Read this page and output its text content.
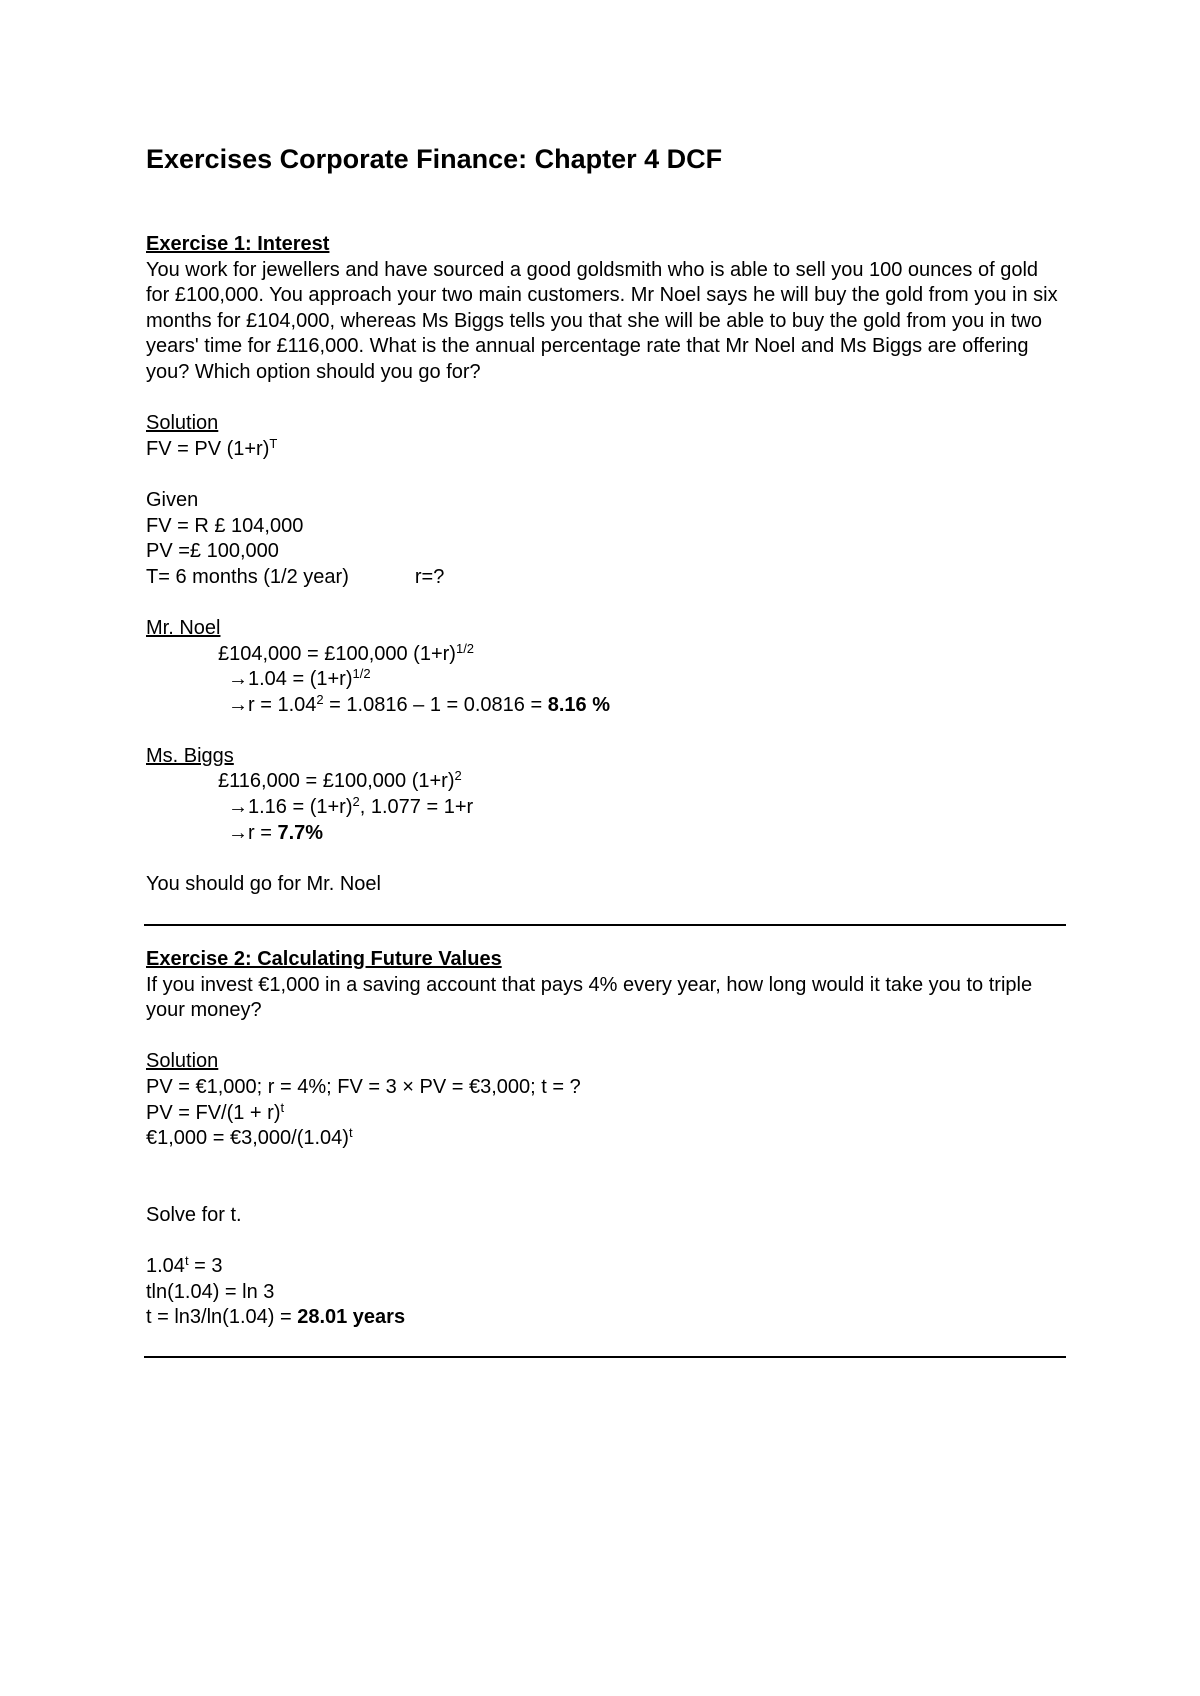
Exercises Corporate Finance: Chapter 4 DCF
Exercise 1: Interest
You work for jewellers and have sourced a good goldsmith who is able to sell you 100 ounces of gold for £100,000. You approach your two main customers. Mr Noel says he will buy the gold from you in six months for £104,000, whereas Ms Biggs tells you that she will be able to buy the gold from you in two years' time for £116,000. What is the annual percentage rate that Mr Noel and Ms Biggs are offering you? Which option should you go for?
Solution
FV = PV $(1+r)^T$
Given
FV = R £ 104,000
PV =£ 100,000
T= 6 months (1/2 year)	r=?
Mr. Noel
£104,000 = £100,000 $(1+r)^{1/2}$
$\to 1.04 = (1+r)^{1/2}$
$\to r = 1.04^2 = 1.0816 - 1 = 0.0816 = 8.16$ %
Ms. Biggs
£116,000 = £100,000 $(1+r)^2$
$\to 1.16 = (1+r)^2$, 1.077 = 1+r
→r = 7.7%
You should go for Mr. Noel
Exercise 2: Calculating Future Values
If you invest €1,000 in a saving account that pays 4% every year, how long would it take you to triple your money?
Solution
PV = €1,000; r = 4%; FV = 3 × PV = €3,000; t = ?
PV = $FV/(1 + r)^t$
€1,000 = $€3,000/(1.04)^t$
Solve for t.
$1.04^t = 3$
tln(1.04) = ln 3
t = ln3/ln(1.04) = 28.01 years
